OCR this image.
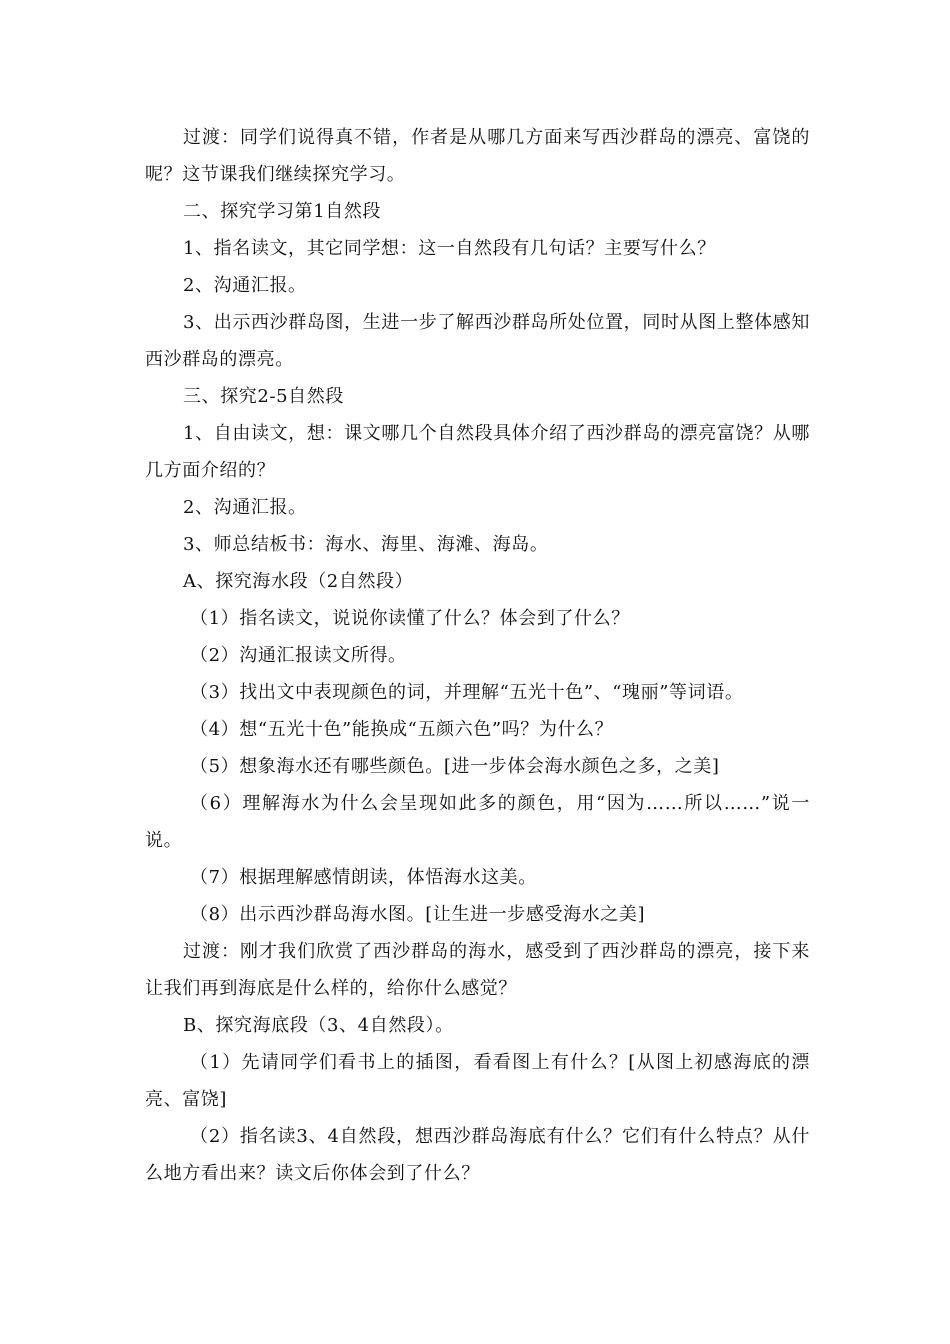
过渡：同学们说得真不错，作者是从哪几方面来写西沙群岛的漂亮、富饶的呢？这节课我们继续探究学习。

二、探究学习第1自然段

1、指名读文，其它同学想：这一自然段有几句话？主要写什么？

2、沟通汇报。

3、出示西沙群岛图，生进一步了解西沙群岛所处位置，同时从图上整体感知西沙群岛的漂亮。

三、探究2-5自然段

1、自由读文，想：课文哪几个自然段具体介绍了西沙群岛的漂亮富饶？从哪几方面介绍的？

2、沟通汇报。

3、师总结板书：海水、海里、海滩、海岛。

A、探究海水段（2自然段）

（1）指名读文，说说你读懂了什么？体会到了什么？

（2）沟通汇报读文所得。

（3）找出文中表现颜色的词，并理解“五光十色”、“瑰丽”等词语。

（4）想“五光十色”能换成“五颜六色”吗？为什么？

（5）想象海水还有哪些颜色。[进一步体会海水颜色之多，之美]

（6）理解海水为什么会呈现如此多的颜色，用“因为……所以……”说一说。

（7）根据理解感情朗读，体悟海水这美。

（8）出示西沙群岛海水图。[让生进一步感受海水之美]

过渡：刚才我们欣赏了西沙群岛的海水，感受到了西沙群岛的漂亮，接下来让我们再到海底是什么样的，给你什么感觉？

B、探究海底段（3、4自然段）。

（1）先请同学们看书上的插图，看看图上有什么？[从图上初感海底的漂亮、富饶]

（2）指名读3、4自然段，想西沙群岛海底有什么？它们有什么特点？从什么地方看出来？读文后你体会到了什么？
